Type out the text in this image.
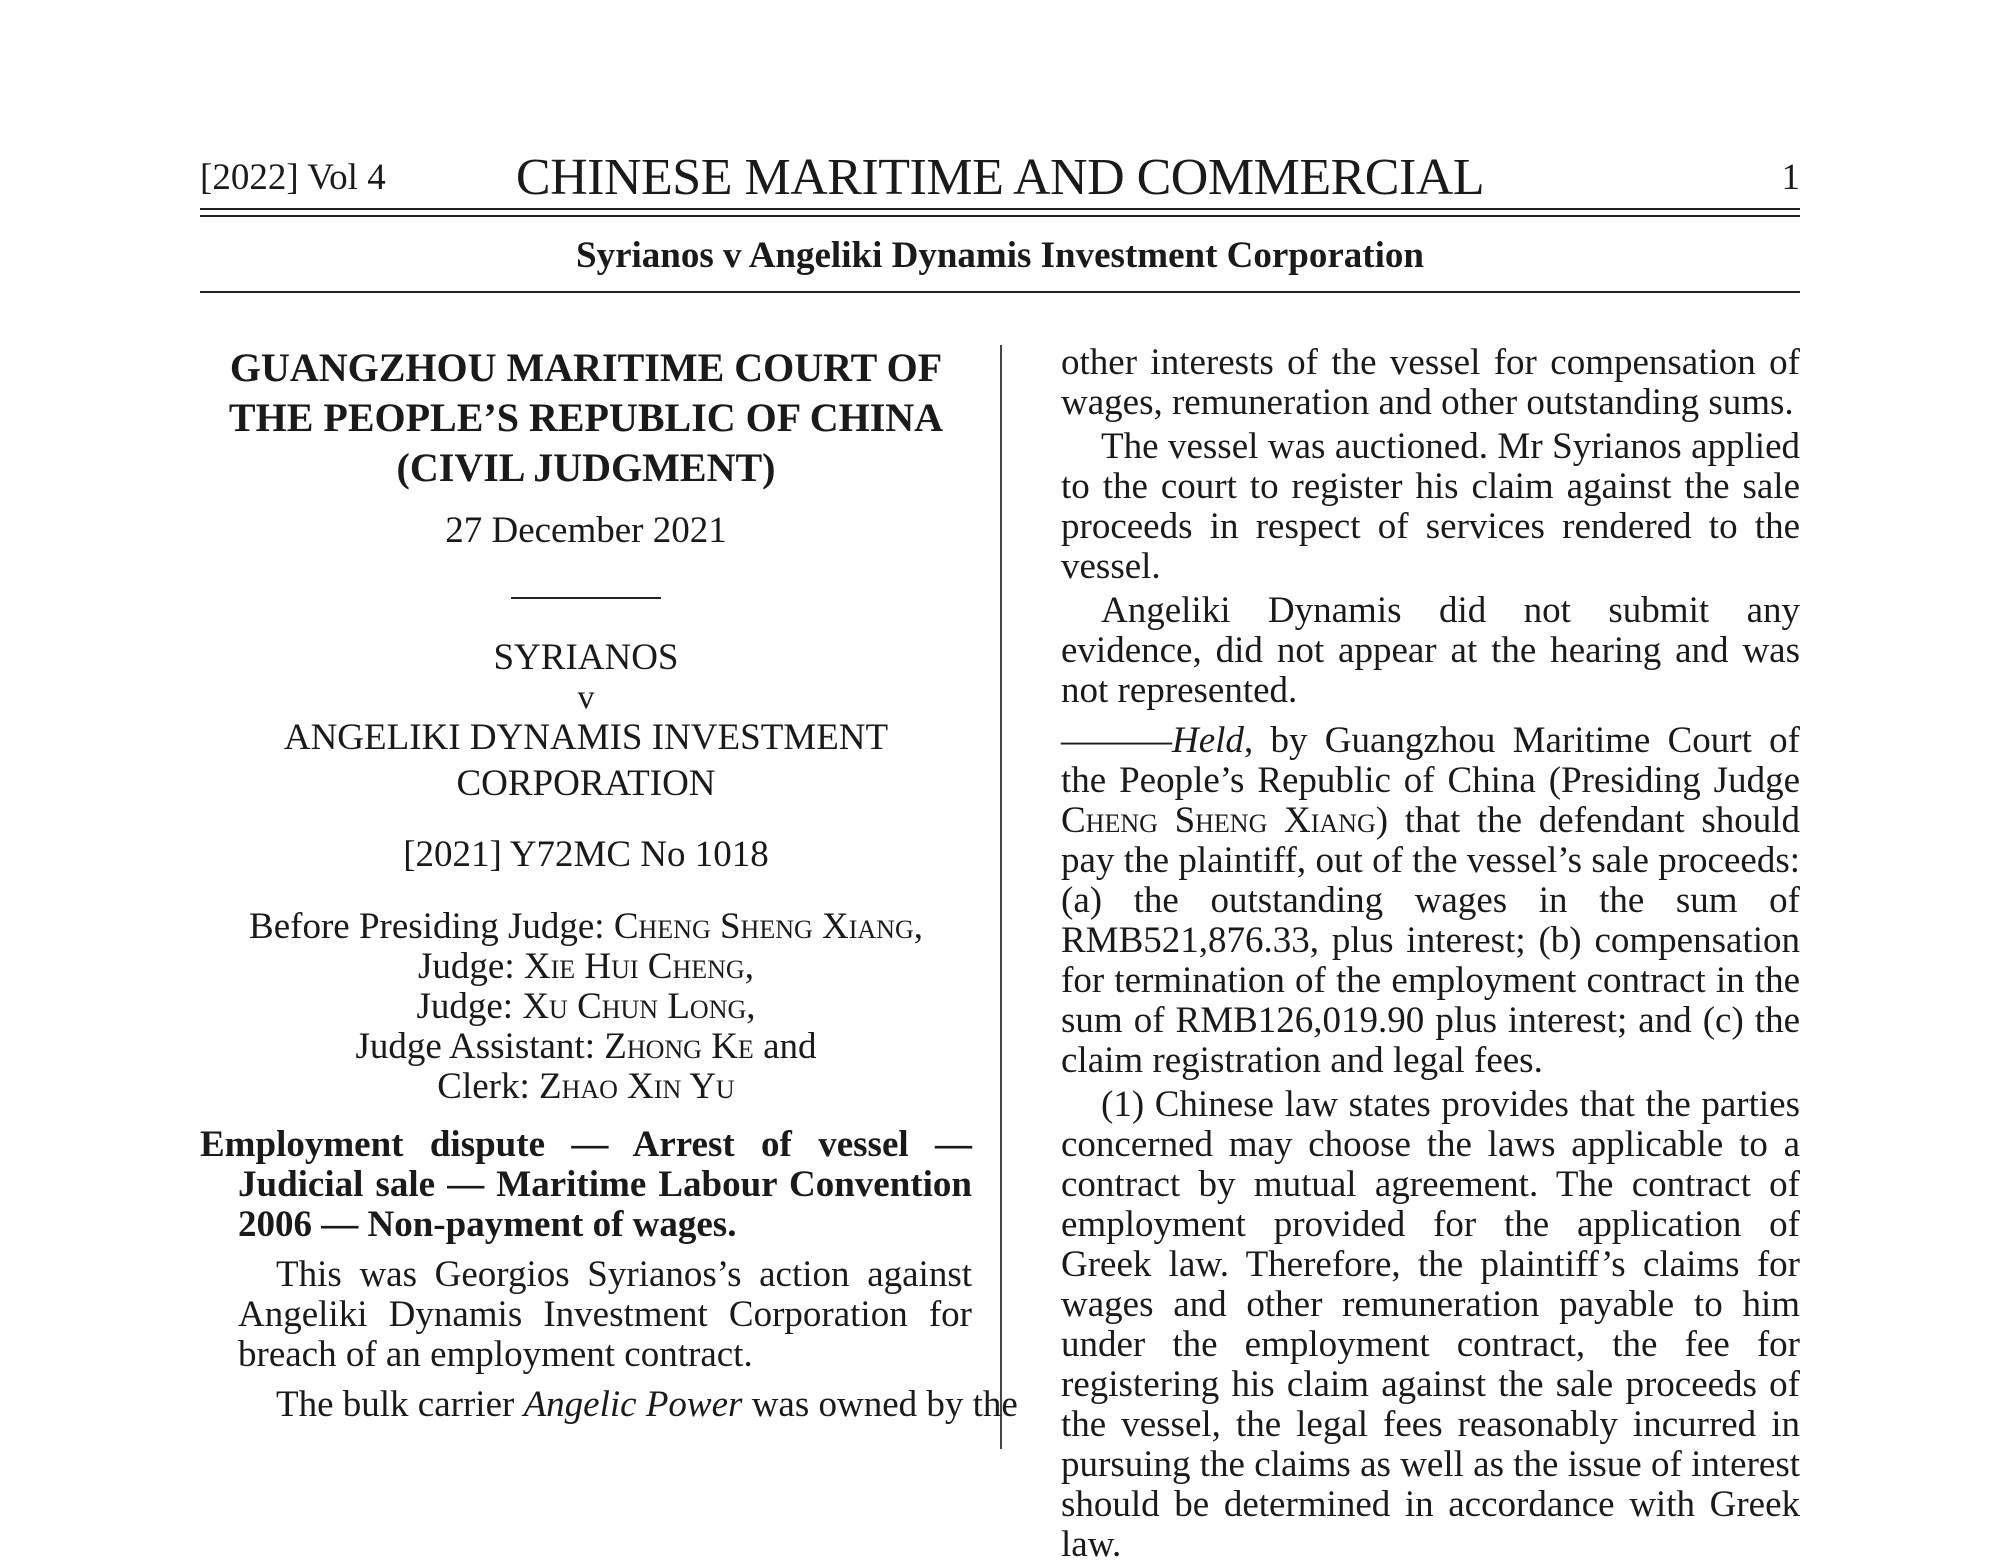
[2022] Vol 4	CHINESE MARITIME AND COMMERCIAL	1
Syrianos v Angeliki Dynamis Investment Corporation

GUANGZHOU MARITIME COURT OF

THE PEOPLE’S REPUBLIC OF CHINA

(CIVIL JUDGMENT)

27 December 2021
SYRIANOS
v
ANGELIKI DYNAMIS INVESTMENT
CORPORATION
[2021] Y72MC No 1018
Before Presiding Judge: Cheng Sheng Xiang,
Judge: Xie Hui Cheng,
Judge: Xu Chun Long,
Judge Assistant: Zhong Ke and
Clerk: Zhao Xin Yu
Employment dispute — Arrest of vessel — Judicial sale — Maritime Labour Convention 2006 — Non-payment of wages.
This was Georgios Syrianos’s action against Angeliki Dynamis Investment Corporation for breach of an employment contract.
The bulk carrier Angelic Power was owned by the

other interests of the vessel for compensation of wages, remuneration and other outstanding sums.

The vessel was auctioned. Mr Syrianos applied to the court to register his claim against the sale proceeds in respect of services rendered to the vessel.

Angeliki Dynamis did not submit any evidence, did not appear at the hearing and was not represented.

———Held, by Guangzhou Maritime Court of the People’s Republic of China (Presiding Judge Cheng Sheng Xiang) that the defendant should pay the plaintiff, out of the vessel’s sale proceeds: (a) the outstanding wages in the sum of RMB521,876.33, plus interest; (b) compensation for termination of the employment contract in the sum of RMB126,019.90 plus interest; and (c) the claim registration and legal fees.

(1) Chinese law states provides that the parties concerned may choose the laws applicable to a contract by mutual agreement. The contract of employment provided for the application of Greek law. Therefore, the plaintiff’s claims for wages and other remuneration payable to him under the employment contract, the fee for registering his claim against the sale proceeds of the vessel, the legal fees reasonably incurred in pursuing the claims as well as the issue of interest should be determined in accordance with Greek law.
